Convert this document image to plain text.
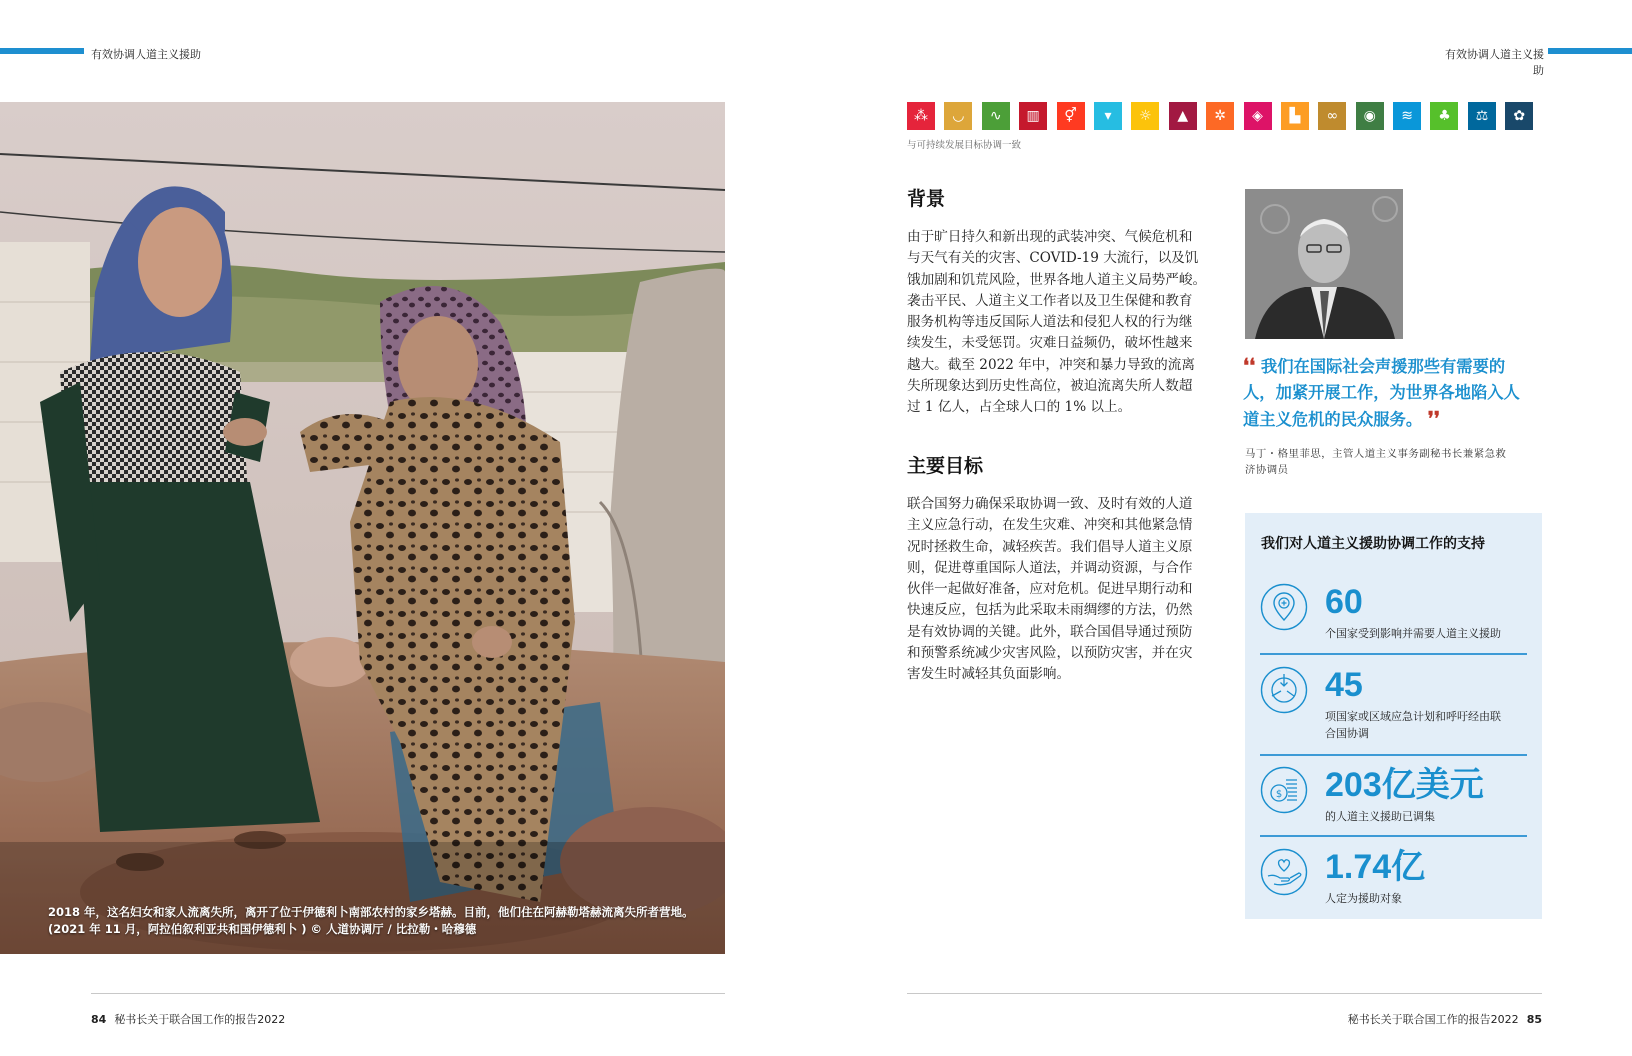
有效协调人道主义援助	有效协调人道主义援助
2018 年，这名妇女和家人流离失所，离开了位于伊德利卜南部农村的家乡塔赫。目前，他们住在阿赫勒塔赫流离失所者营地。
(2021 年 11 月，阿拉伯叙利亚共和国伊德利卜 ) © 人道协调厅 / 比拉勒・哈穆德
⁂	◡	∿	▥	⚥	▾	☼	▲	✲	◈	▙	∞	◉	≋	♣	⚖	✿
与可持续发展目标协调一致
背景
由于旷日持久和新出现的武装冲突、气候危机和
与天气有关的灾害、COVID-19 大流行，以及饥
饿加剧和饥荒风险，世界各地人道主义局势严峻。
袭击平民、人道主义工作者以及卫生保健和教育
服务机构等违反国际人道法和侵犯人权的行为继
续发生，未受惩罚。灾难日益频仍，破坏性越来
越大。截至 2022 年中，冲突和暴力导致的流离
失所现象达到历史性高位，被迫流离失所人数超
过 1 亿人，占全球人口的 1% 以上。
主要目标
联合国努力确保采取协调一致、及时有效的人道
主义应急行动，在发生灾难、冲突和其他紧急情
况时拯救生命，减轻疾苦。我们倡导人道主义原
则，促进尊重国际人道法，并调动资源，与合作
伙伴一起做好准备，应对危机。促进早期行动和
快速反应，包括为此采取未雨绸缪的方法，仍然
是有效协调的关键。此外，联合国倡导通过预防
和预警系统减少灾害风险，以预防灾害，并在灾
害发生时减轻其负面影响。
❛❛ 我们在国际社会声援那些有需要的
人，加紧开展工作，为世界各地陷入人
道主义危机的民众服务。 ❜❜
马丁・格里菲思，主管人道主义事务副秘书长兼紧急救
济协调员
我们对人道主义援助协调工作的支持
60
个国家受到影响并需要人道主义援助
45
项国家或区域应急计划和呼吁经由联
合国协调
$ 203亿美元
的人道主义援助已调集
1.74亿
人定为援助对象
84 秘书长关于联合国工作的报告2022	秘书长关于联合国工作的报告2022 85
